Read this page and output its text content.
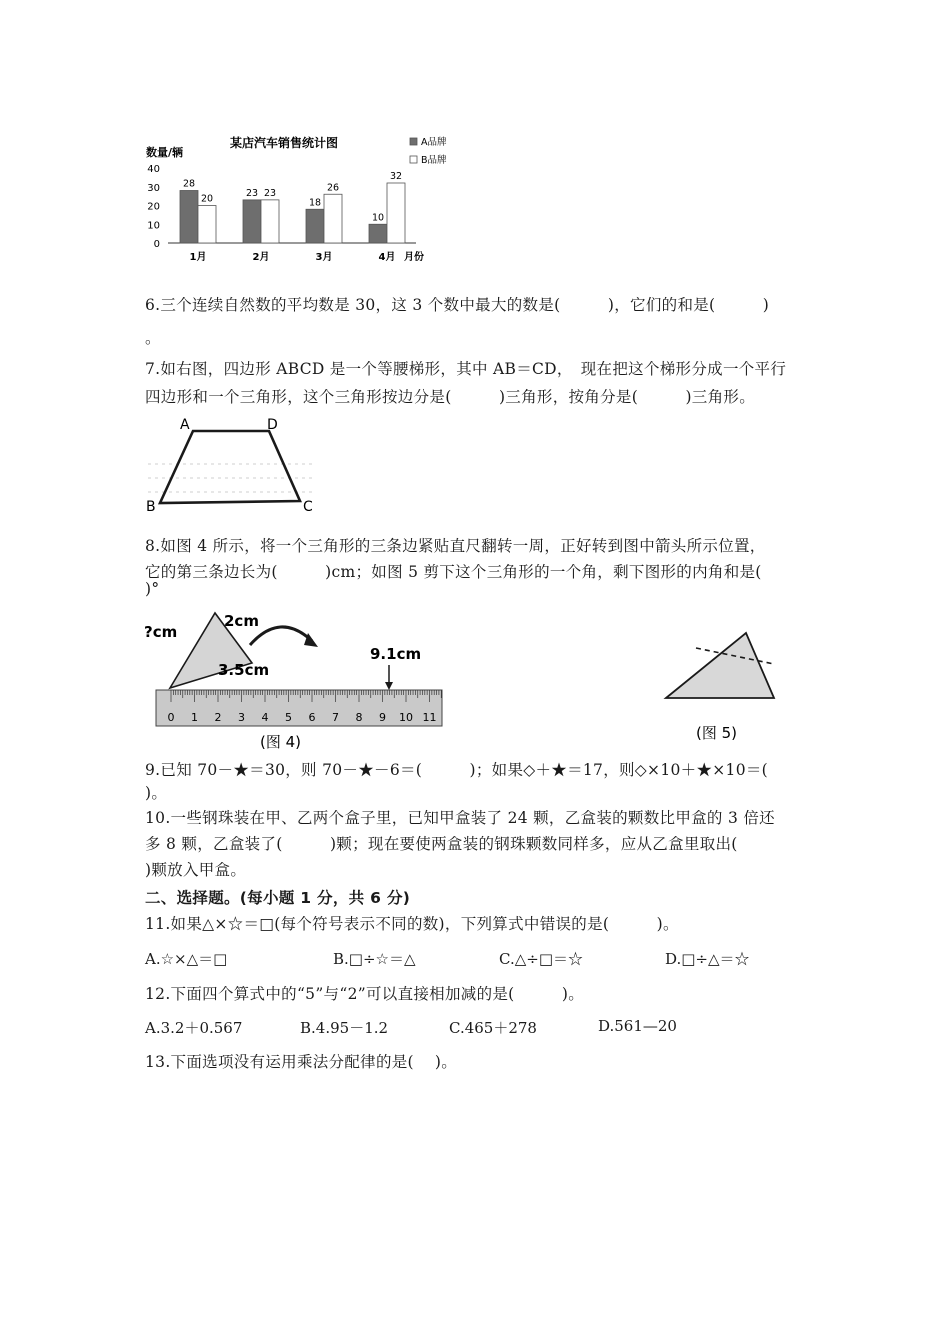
某店汽车销售统计图
数量/辆
A品牌
B品牌
0
10
20
30
40
1月	2月	3月	4月 月份
28
20
23 23
18
26
10
32
6.三个连续自然数的平均数是 30，这 3 个数中最大的数是(　　　)，它们的和是(　　　)
。
7.如右图，四边形 ABCD 是一个等腰梯形，其中 AB＝CD，　现在把这个梯形分成一个平行
四边形和一个三角形，这个三角形按边分是(　　　)三角形，按角分是(　　　)三角形。
A	D
B	C
8.如图 4 所示，将一个三角形的三条边紧贴直尺翻转一周，正好转到图中箭头所示位置，
它的第三条边长为(　　　)cm；如图 5 剪下这个三角形的一个角，剩下图形的内角和是(
)°
?cm
2cm
3.5cm
9.1cm
0 1 2 3 4 5 6 7 8 9 10 11
(图 4)	(图 5)
9.已知 70－★＝30，则 70－★－6＝(　　　)；如果◇＋★＝17，则◇×10＋★×10＝(
)。
10.一些钢珠装在甲、乙两个盒子里，已知甲盒装了 24 颗，乙盒装的颗数比甲盒的 3 倍还
多 8 颗，乙盒装了(　　　)颗；现在要使两盒装的钢珠颗数同样多，应从乙盒里取出(
)颗放入甲盒。
二、选择题。(每小题 1 分，共 6 分)
11.如果△×☆＝□(每个符号表示不同的数)，下列算式中错误的是(　　　)。
A.☆×△＝□	B.□÷☆＝△	C.△÷□＝☆	D.□÷△＝☆
12.下面四个算式中的“5”与“2”可以直接相加减的是(　　　)。
A.3.2＋0.567	B.4.95－1.2	C.465＋278	D.561—20
13.下面选项没有运用乘法分配律的是(　 )。
